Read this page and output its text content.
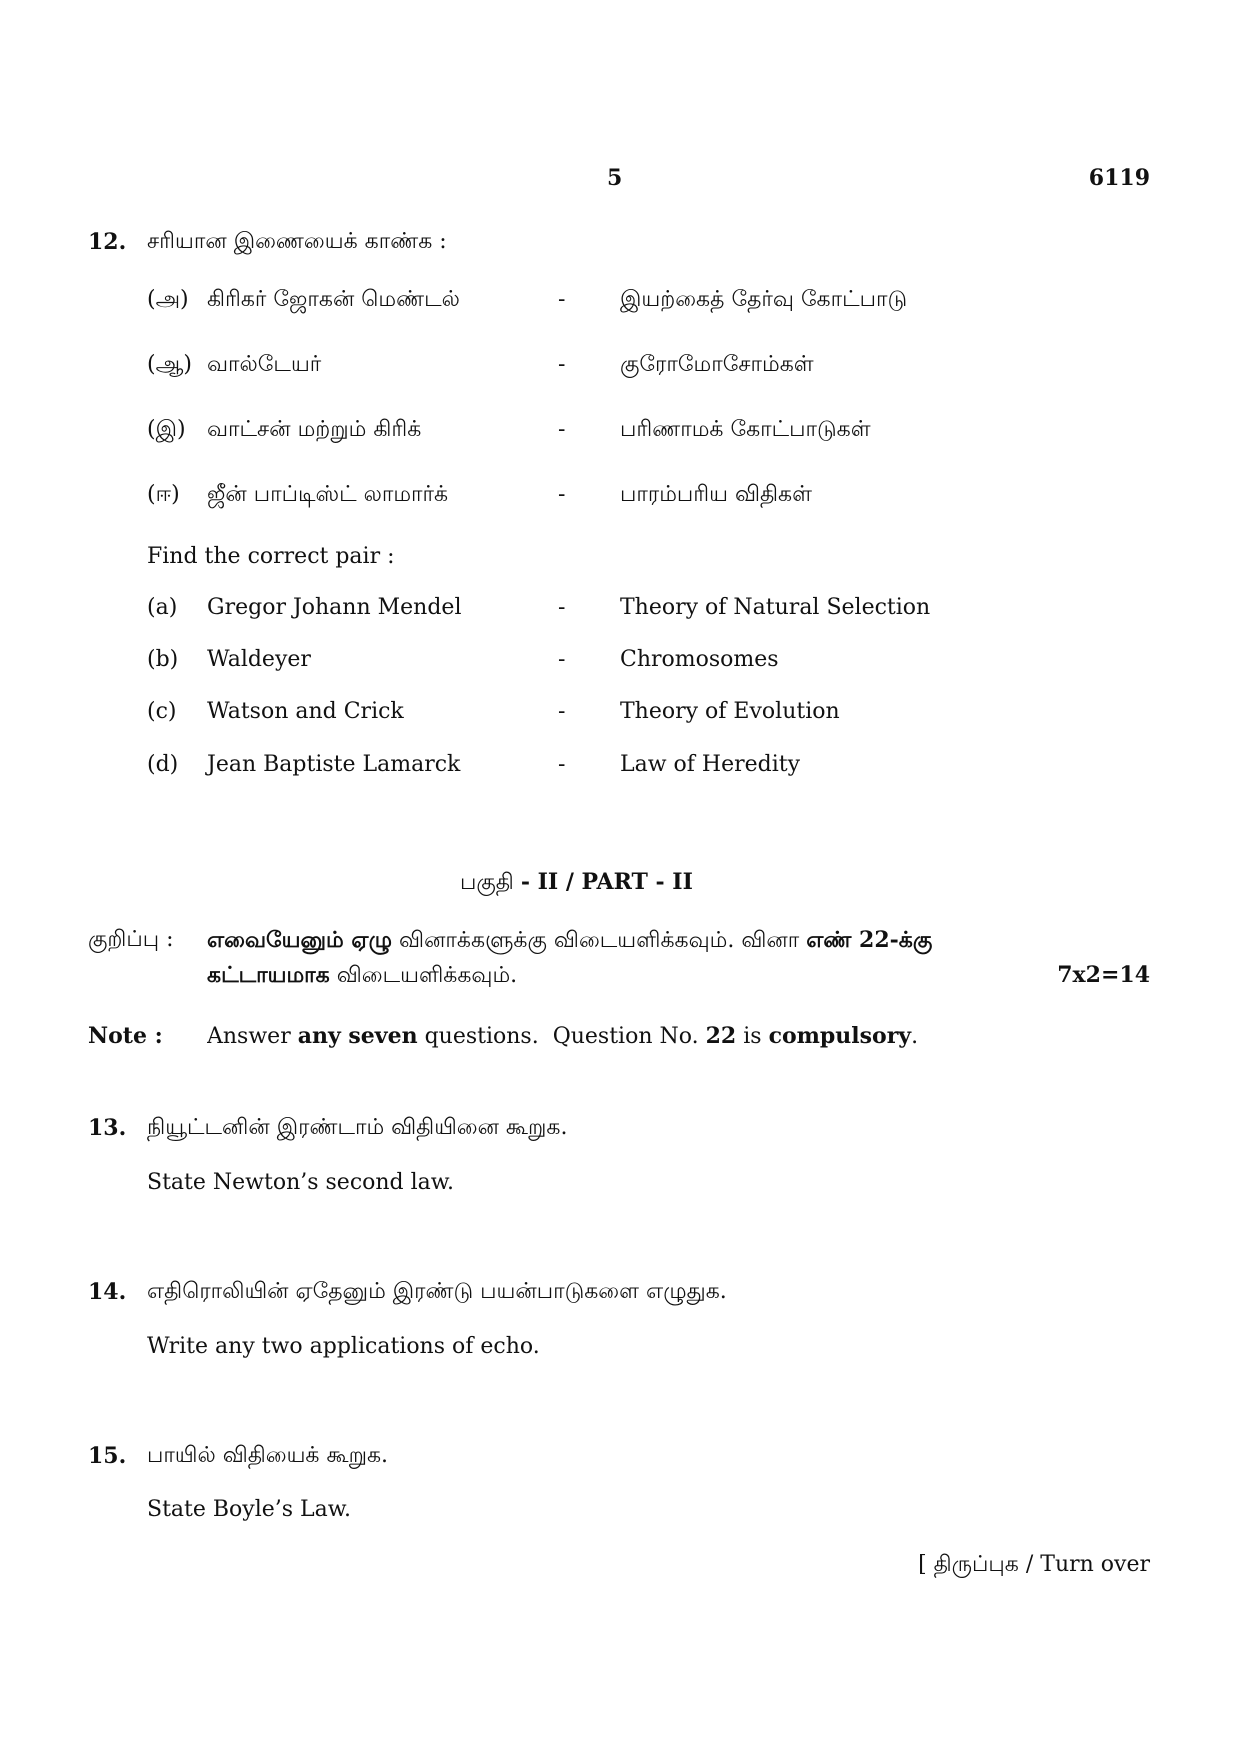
5	6119
12. சரியான இணையைக் காண்க :
(அ) கிரிகர் ஜோகன் மெண்டல்	- இயற்கைத் தேர்வு கோட்பாடு
(ஆ) வால்டேயர்	- குரோமோசோம்கள்
(இ) வாட்சன் மற்றும் கிரிக்	- பரிணாமக் கோட்பாடுகள்
(ஈ) ஜீன் பாப்டிஸ்ட் லாமார்க்	- பாரம்பரிய விதிகள்
Find the correct pair :
(a) Gregor Johann Mendel	- Theory of Natural Selection
(b) Waldeyer	- Chromosomes
(c) Watson and Crick	- Theory of Evolution
(d) Jean Baptiste Lamarck	- Law of Heredity
பகுதி - II / PART - II
குறிப்பு : எவையேனும் ஏழு வினாக்களுக்கு விடையளிக்கவும். வினா எண் 22-க்கு
கட்டாயமாக விடையளிக்கவும்.	7x2=14
Note : Answer any seven questions.  Question No. 22 is compulsory.
13. நியூட்டனின் இரண்டாம் விதியினை கூறுக.
State Newton’s second law.
14. எதிரொலியின் ஏதேனும் இரண்டு பயன்பாடுகளை எழுதுக.
Write any two applications of echo.
15. பாயில் விதியைக் கூறுக.
State Boyle’s Law.
[ திருப்புக / Turn over
